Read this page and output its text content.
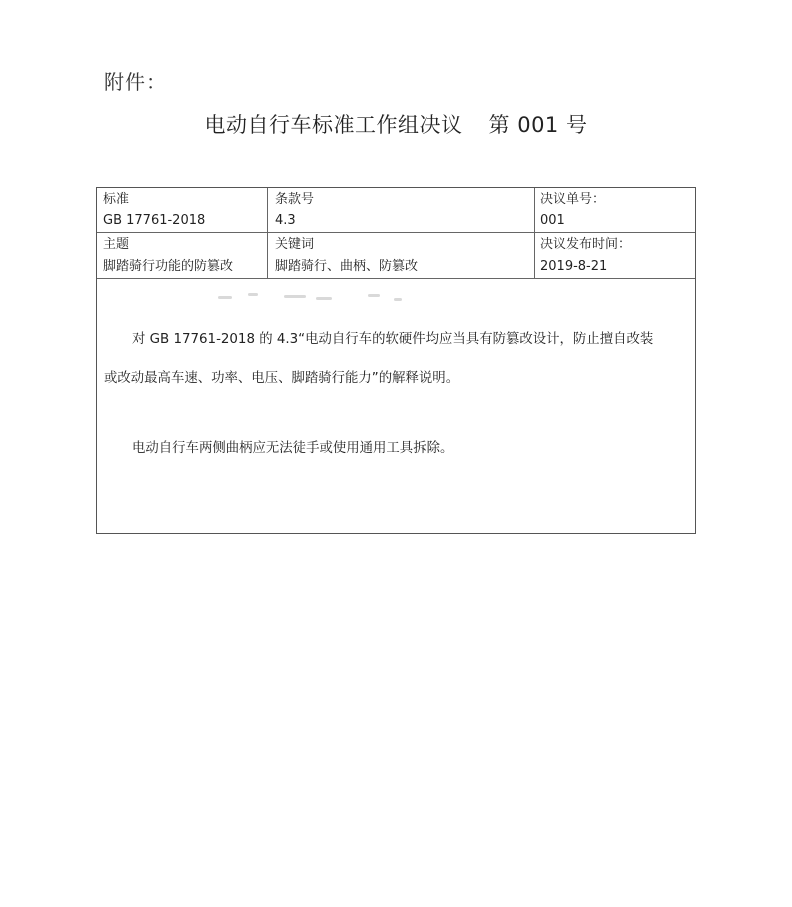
附件：
电动自行车标准工作组决议 第 001 号
标准
GB 17761-2018
条款号
4.3
决议单号：
001
主题
脚踏骑行功能的防篡改
关键词
脚踏骑行、曲柄、防篡改
决议发布时间：
2019-8-21
对 GB 17761-2018 的 4.3“电动自行车的软硬件均应当具有防篡改设计，防止擅自改装
或改动最高车速、功率、电压、脚踏骑行能力”的解释说明。
电动自行车两侧曲柄应无法徒手或使用通用工具拆除。
